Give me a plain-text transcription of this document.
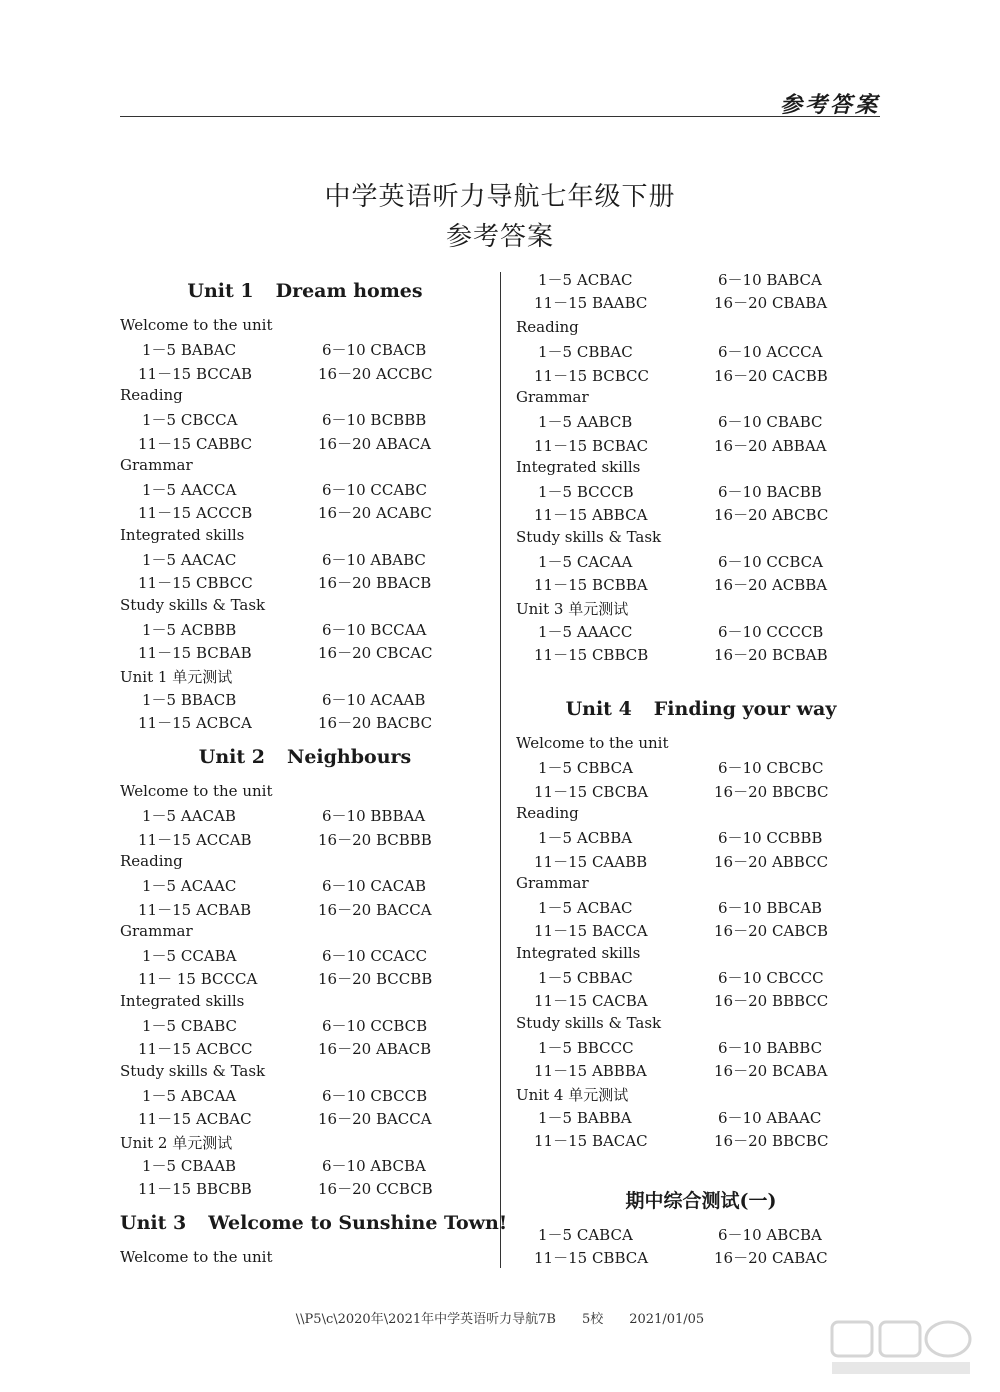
参考答案
中学英语听力导航七年级下册
参考答案
Unit 1 Dream homes
Welcome to the unit
1－5 BABAC	6－10 CBACB
11－15 BCCAB	16－20 ACCBC
Reading
1－5 CBCCA	6－10 BCBBB
11－15 CABBC	16－20 ABACA
Grammar
1－5 AACCA	6－10 CCABC
11－15 ACCCB	16－20 ACABC
Integrated skills
1－5 AACAC	6－10 ABABC
11－15 CBBCC	16－20 BBACB
Study skills & Task
1－5 ACBBB	6－10 BCCAA
11－15 BCBAB	16－20 CBCAC
Unit 1 单元测试
1－5 BBACB	6－10 ACAAB
11－15 ACBCA	16－20 BACBC
Unit 2 Neighbours
Welcome to the unit
1－5 AACAB	6－10 BBBAA
11－15 ACCAB	16－20 BCBBB
Reading
1－5 ACAAC	6－10 CACAB
11－15 ACBAB	16－20 BACCA
Grammar
1－5 CCABA	6－10 CCACC
11－ 15 BCCCA	16－20 BCCBB
Integrated skills
1－5 CBABC	6－10 CCBCB
11－15 ACBCC	16－20 ABACB
Study skills & Task
1－5 ABCAA	6－10 CBCCB
11－15 ACBAC	16－20 BACCA
Unit 2 单元测试
1－5 CBAAB	6－10 ABCBA
11－15 BBCBB	16－20 CCBCB
Unit 3 Welcome to Sunshine Town!
Welcome to the unit
1－5 ACBAC	6－10 BABCA
11－15 BAABC	16－20 CBABA
Reading
1－5 CBBAC	6－10 ACCCA
11－15 BCBCC	16－20 CACBB
Grammar
1－5 AABCB	6－10 CBABC
11－15 BCBAC	16－20 ABBAA
Integrated skills
1－5 BCCCB	6－10 BACBB
11－15 ABBCA	16－20 ABCBC
Study skills & Task
1－5 CACAA	6－10 CCBCA
11－15 BCBBA	16－20 ACBBA
Unit 3 单元测试
1－5 AAACC	6－10 CCCCB
11－15 CBBCB	16－20 BCBAB
Unit 4 Finding your way
Welcome to the unit
1－5 CBBCA	6－10 CBCBC
11－15 CBCBA	16－20 BBCBC
Reading
1－5 ACBBA	6－10 CCBBB
11－15 CAABB	16－20 ABBCC
Grammar
1－5 ACBAC	6－10 BBCAB
11－15 BACCA	16－20 CABCB
Integrated skills
1－5 CBBAC	6－10 CBCCC
11－15 CACBA	16－20 BBBCC
Study skills & Task
1－5 BBCCC	6－10 BABBC
11－15 ABBBA	16－20 BCABA
Unit 4 单元测试
1－5 BABBA	6－10 ABAAC
11－15 BACAC	16－20 BBCBC
期中综合测试(一)
1－5 CABCA	6－10 ABCBA
11－15 CBBCA	16－20 CABAC
\\P5\c\2020年\2021年中学英语听力导航7B　　5校　　2021/01/05
